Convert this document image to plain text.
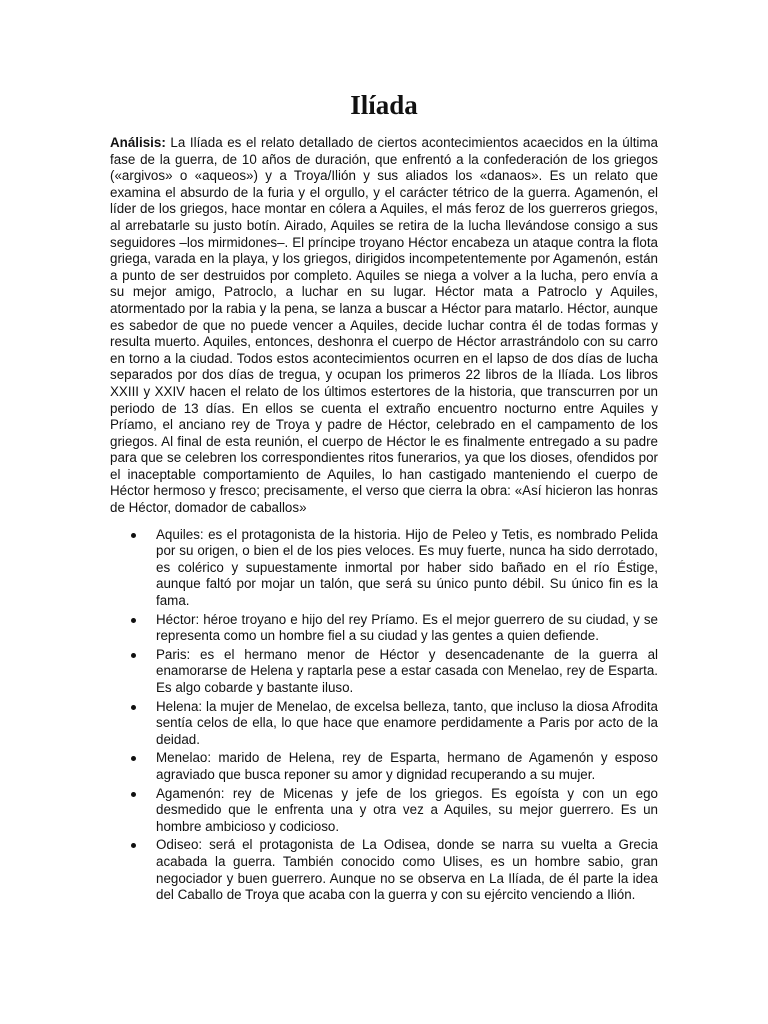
Ilíada

Análisis: La Ilíada es el relato detallado de ciertos acontecimientos acaecidos en la última fase de la guerra, de 10 años de duración, que enfrentó a la confederación de los griegos («argivos» o «aqueos») y a Troya/Ilión y sus aliados los «danaos». Es un relato que examina el absurdo de la furia y el orgullo, y el carácter tétrico de la guerra. Agamenón, el líder de los griegos, hace montar en cólera a Aquiles, el más feroz de los guerreros griegos, al arrebatarle su justo botín. Airado, Aquiles se retira de la lucha llevándose consigo a sus seguidores –los mirmidones–. El príncipe troyano Héctor encabeza un ataque contra la flota griega, varada en la playa, y los griegos, dirigidos incompetentemente por Agamenón, están a punto de ser destruidos por completo. Aquiles se niega a volver a la lucha, pero envía a su mejor amigo, Patroclo, a luchar en su lugar. Héctor mata a Patroclo y Aquiles, atormentado por la rabia y la pena, se lanza a buscar a Héctor para matarlo. Héctor, aunque es sabedor de que no puede vencer a Aquiles, decide luchar contra él de todas formas y resulta muerto. Aquiles, entonces, deshonra el cuerpo de Héctor arrastrándolo con su carro en torno a la ciudad. Todos estos acontecimientos ocurren en el lapso de dos días de lucha separados por dos días de tregua, y ocupan los primeros 22 libros de la Ilíada. Los libros XXIII y XXIV hacen el relato de los últimos estertores de la historia, que transcurren por un periodo de 13 días. En ellos se cuenta el extraño encuentro nocturno entre Aquiles y Príamo, el anciano rey de Troya y padre de Héctor, celebrado en el campamento de los griegos. Al final de esta reunión, el cuerpo de Héctor le es finalmente entregado a su padre para que se celebren los correspondientes ritos funerarios, ya que los dioses, ofendidos por el inaceptable comportamiento de Aquiles, lo han castigado manteniendo el cuerpo de Héctor hermoso y fresco; precisamente, el verso que cierra la obra: «Así hicieron las honras de Héctor, domador de caballos»

Aquiles: es el protagonista de la historia. Hijo de Peleo y Tetis, es nombrado Pelida por su origen, o bien el de los pies veloces. Es muy fuerte, nunca ha sido derrotado, es colérico y supuestamente inmortal por haber sido bañado en el río Éstige, aunque faltó por mojar un talón, que será su único punto débil. Su único fin es la fama.
Héctor: héroe troyano e hijo del rey Príamo. Es el mejor guerrero de su ciudad, y se representa como un hombre fiel a su ciudad y las gentes a quien defiende.
Paris: es el hermano menor de Héctor y desencadenante de la guerra al enamorarse de Helena y raptarla pese a estar casada con Menelao, rey de Esparta. Es algo cobarde y bastante iluso.
Helena: la mujer de Menelao, de excelsa belleza, tanto, que incluso la diosa Afrodita sentía celos de ella, lo que hace que enamore perdidamente a Paris por acto de la deidad.
Menelao: marido de Helena, rey de Esparta, hermano de Agamenón y esposo agraviado que busca reponer su amor y dignidad recuperando a su mujer.
Agamenón: rey de Micenas y jefe de los griegos. Es egoísta y con un ego desmedido que le enfrenta una y otra vez a Aquiles, su mejor guerrero. Es un hombre ambicioso y codicioso.
Odiseo: será el protagonista de La Odisea, donde se narra su vuelta a Grecia acabada la guerra. También conocido como Ulises, es un hombre sabio, gran negociador y buen guerrero. Aunque no se observa en La Ilíada, de él parte la idea del Caballo de Troya que acaba con la guerra y con su ejército venciendo a Ilión.
